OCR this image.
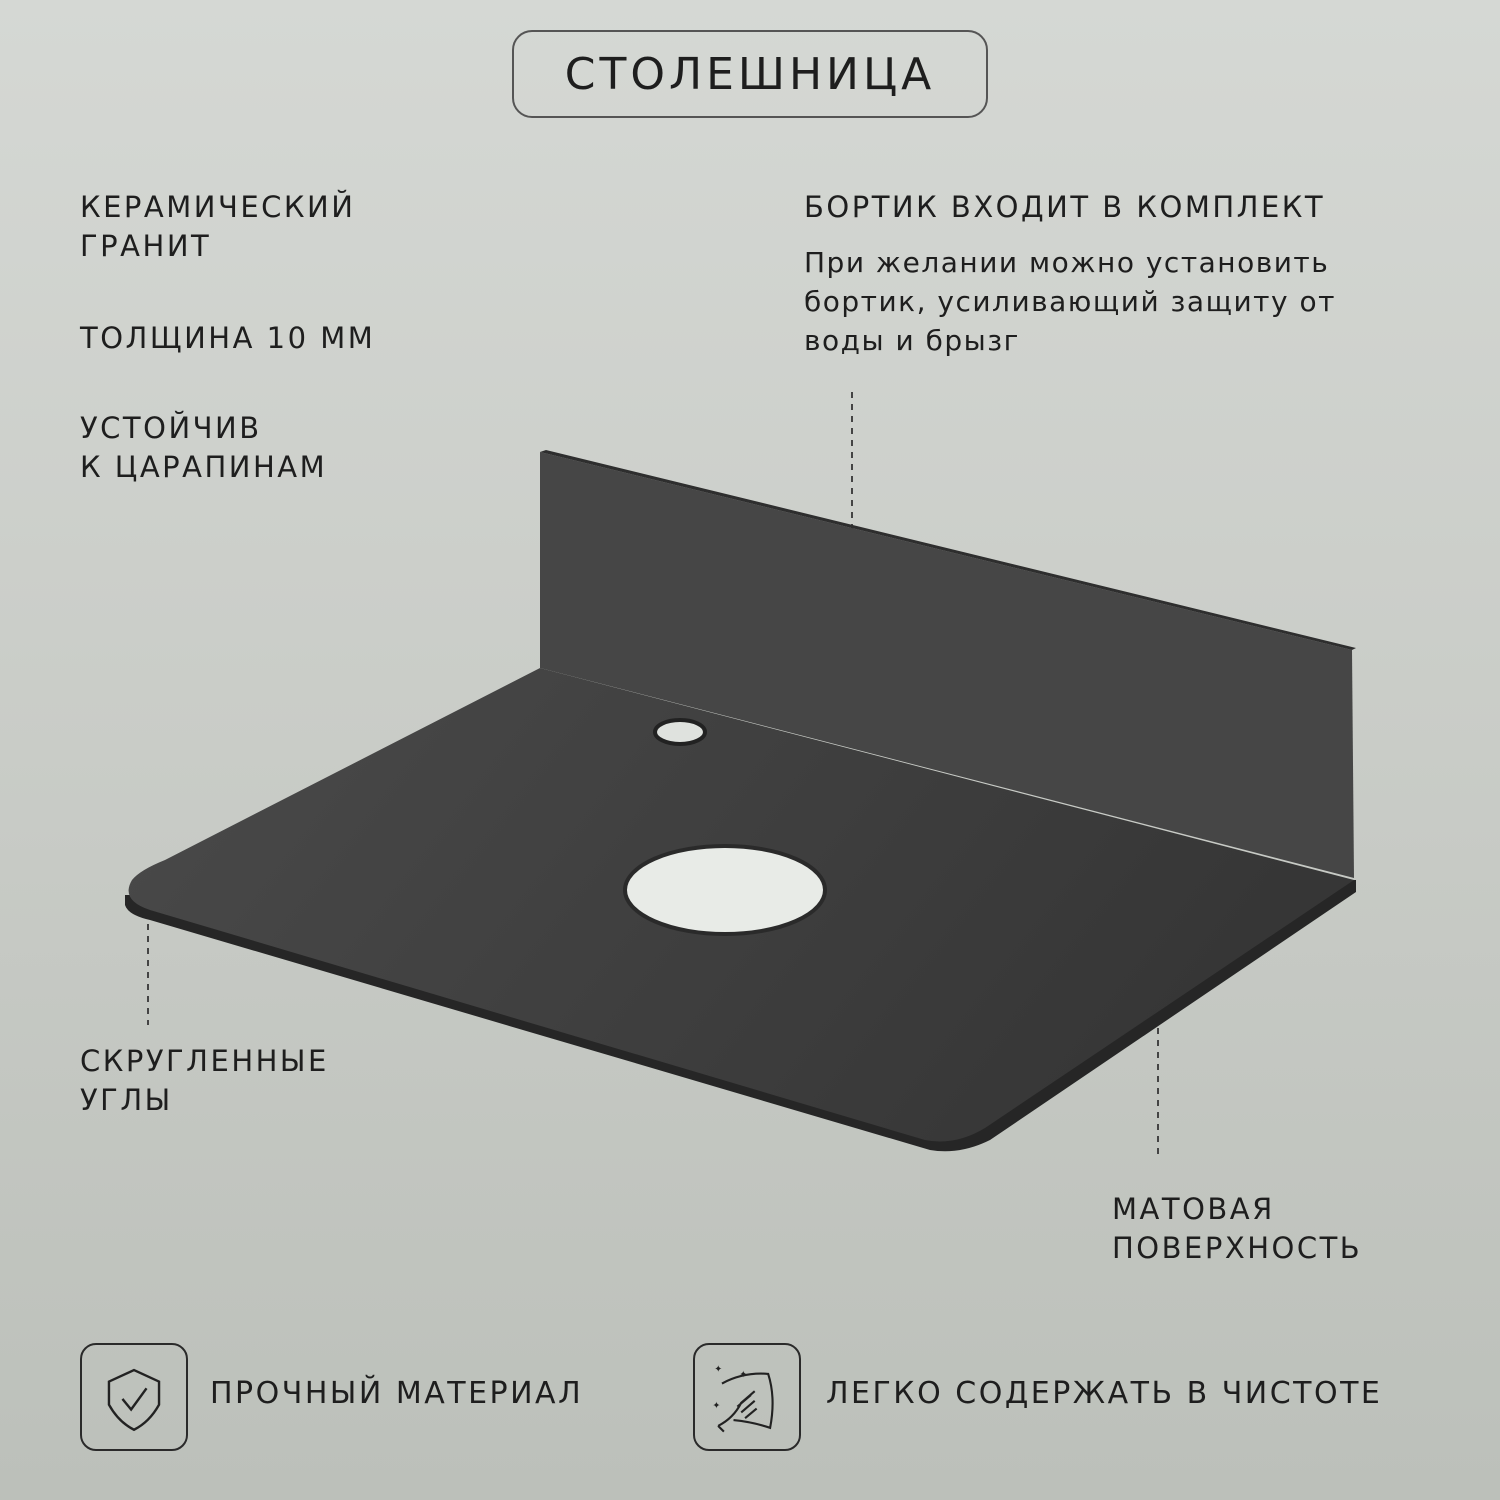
СТОЛЕШНИЦА
КЕРАМИЧЕСКИЙ
ГРАНИТ
ТОЛЩИНА 10 ММ
УСТОЙЧИВ
К ЦАРАПИНАМ
БОРТИК ВХОДИТ В КОМПЛЕКТ
При желании можно установить
бортик, усиливающий защиту от
воды и брызг
СКРУГЛЕННЫЕ
УГЛЫ
МАТОВАЯ
ПОВЕРХНОСТЬ
ПРОЧНЫЙ МАТЕРИАЛ
✦
✦
✦	ЛЕГКО СОДЕРЖАТЬ В ЧИСТОТЕ
